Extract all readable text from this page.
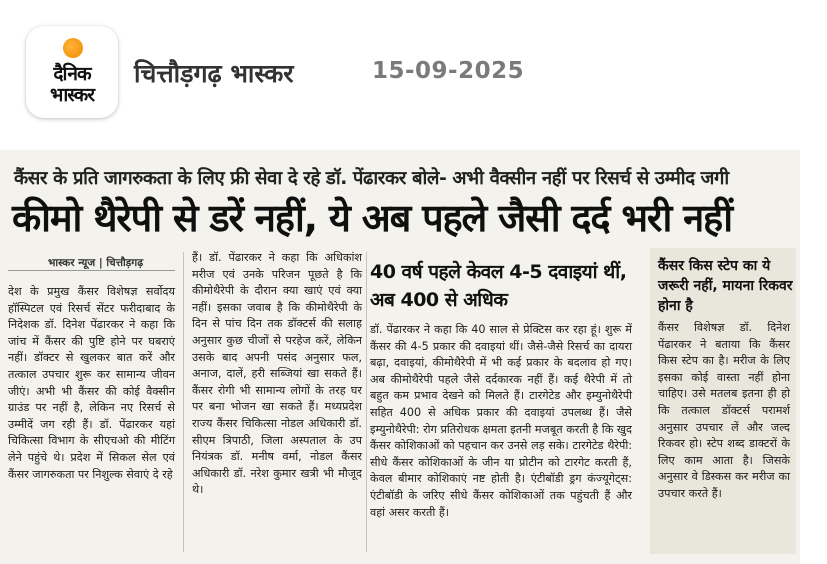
दैनिक
भास्कर
चित्तौड़गढ़ भास्कर	15-09-2025
कैंसर के प्रति जागरुकता के लिए फ्री सेवा दे रहे डॉ. पेंढारकर बोले- अभी वैक्सीन नहीं पर रिसर्च से उम्मीद जगी
कीमो थैरेपी से डरें नहीं, ये अब पहले जैसी दर्द भरी नहीं
भास्कर न्यूज | चित्तौड़गढ़
देश के प्रमुख कैंसर विशेषज्ञ सर्वोदय हॉस्पिटल एवं रिसर्च सेंटर फरीदाबाद के निदेशक डॉ. दिनेश पेंढारकर ने कहा कि जांच में कैंसर की पुष्टि होने पर घबराएं नहीं। डॉक्टर से खुलकर बात करें और तत्काल उपचार शुरू कर सामान्य जीवन जीएं। अभी भी कैंसर की कोई वैक्सीन ग्राउंड पर नहीं है, लेकिन नए रिसर्च से उम्मीदें जग रही हैं। डॉ. पेंढारकर यहां चिकित्सा विभाग के सीएचओ की मीटिंग लेने पहुंचे थे। प्रदेश में सिकल सेल एवं कैंसर जागरुकता पर निशुल्क सेवाएं दे रहे
हैं। डॉ. पेंढारकर ने कहा कि अधिकांश मरीज एवं उनके परिजन पूछते है कि कीमोथैरेपी के दौरान क्या खाएं एवं क्या नहीं। इसका जवाब है कि कीमोथैरेपी के दिन से पांच दिन तक डॉक्टर्स की सलाह अनुसार कुछ चीजों से परहेज करें, लेकिन उसके बाद अपनी पसंद अनुसार फल, अनाज, दालें, हरी सब्जियां खा सकते हैं। कैंसर रोगी भी सामान्य लोगों के तरह घर पर बना भोजन खा सकते हैं। मध्यप्रदेश राज्य कैंसर चिकित्सा नोडल अधिकारी डॉ. सीएम त्रिपाठी, जिला अस्पताल के उप नियंत्रक डॉ. मनीष वर्मा, नोडल कैंसर अधिकारी डॉ. नरेश कुमार खत्री भी मौजूद थे।
40 वर्ष पहले केवल 4-5 दवाइयां थीं, अब 400 से अधिक
डॉ. पेंढारकर ने कहा कि 40 साल से प्रेक्टिस कर रहा हूं। शुरू में कैंसर की 4-5 प्रकार की दवाइयां थीं। जैसे-जैसे रिसर्च का दायरा बढ़ा, दवाइयां, कीमोथैरेपी में भी कई प्रकार के बदलाव हो गए। अब कीमोथैरेपी पहले जैसे दर्दकारक नहीं हैं। कई थैरेपी में तो बहुत कम प्रभाव देखने को मिलते हैं। टारगेटेड और इम्युनोथैरेपी सहित 400 से अधिक प्रकार की दवाइयां उपलब्ध हैं। जैसे इम्युनोथैरेपी: रोग प्रतिरोधक क्षमता इतनी मजबूत करती है कि खुद कैंसर कोशिकाओं को पहचान कर उनसे लड़ सके। टारगेटेड थैरेपी: सीधे कैंसर कोशिकाओं के जीन या प्रोटीन को टारगेट करती हैं, केवल बीमार कोशिकाएं नष्ट होती है। एंटीबॉडी ड्रग कंज्यूगेट्स: एंटीबॉडी के जरिए सीधे कैंसर कोशिकाओं तक पहुंचती हैं और वहां असर करती हैं।
कैंसर किस स्टेप का ये जरूरी नहीं, मायना रिकवर होना है
कैंसर विशेषज्ञ डॉ. दिनेश पेंढारकर ने बताया कि कैंसर किस स्टेप का है। मरीज के लिए इसका कोई वास्ता नहीं होना चाहिए। उसे मतलब इतना ही हो कि तत्काल डॉक्टर्स परामर्श अनुसार उपचार लें और जल्द रिकवर हो। स्टेप शब्द डाक्टरों के लिए काम आता है। जिसके अनुसार वे डिस्कस कर मरीज का उपचार करते हैं।
